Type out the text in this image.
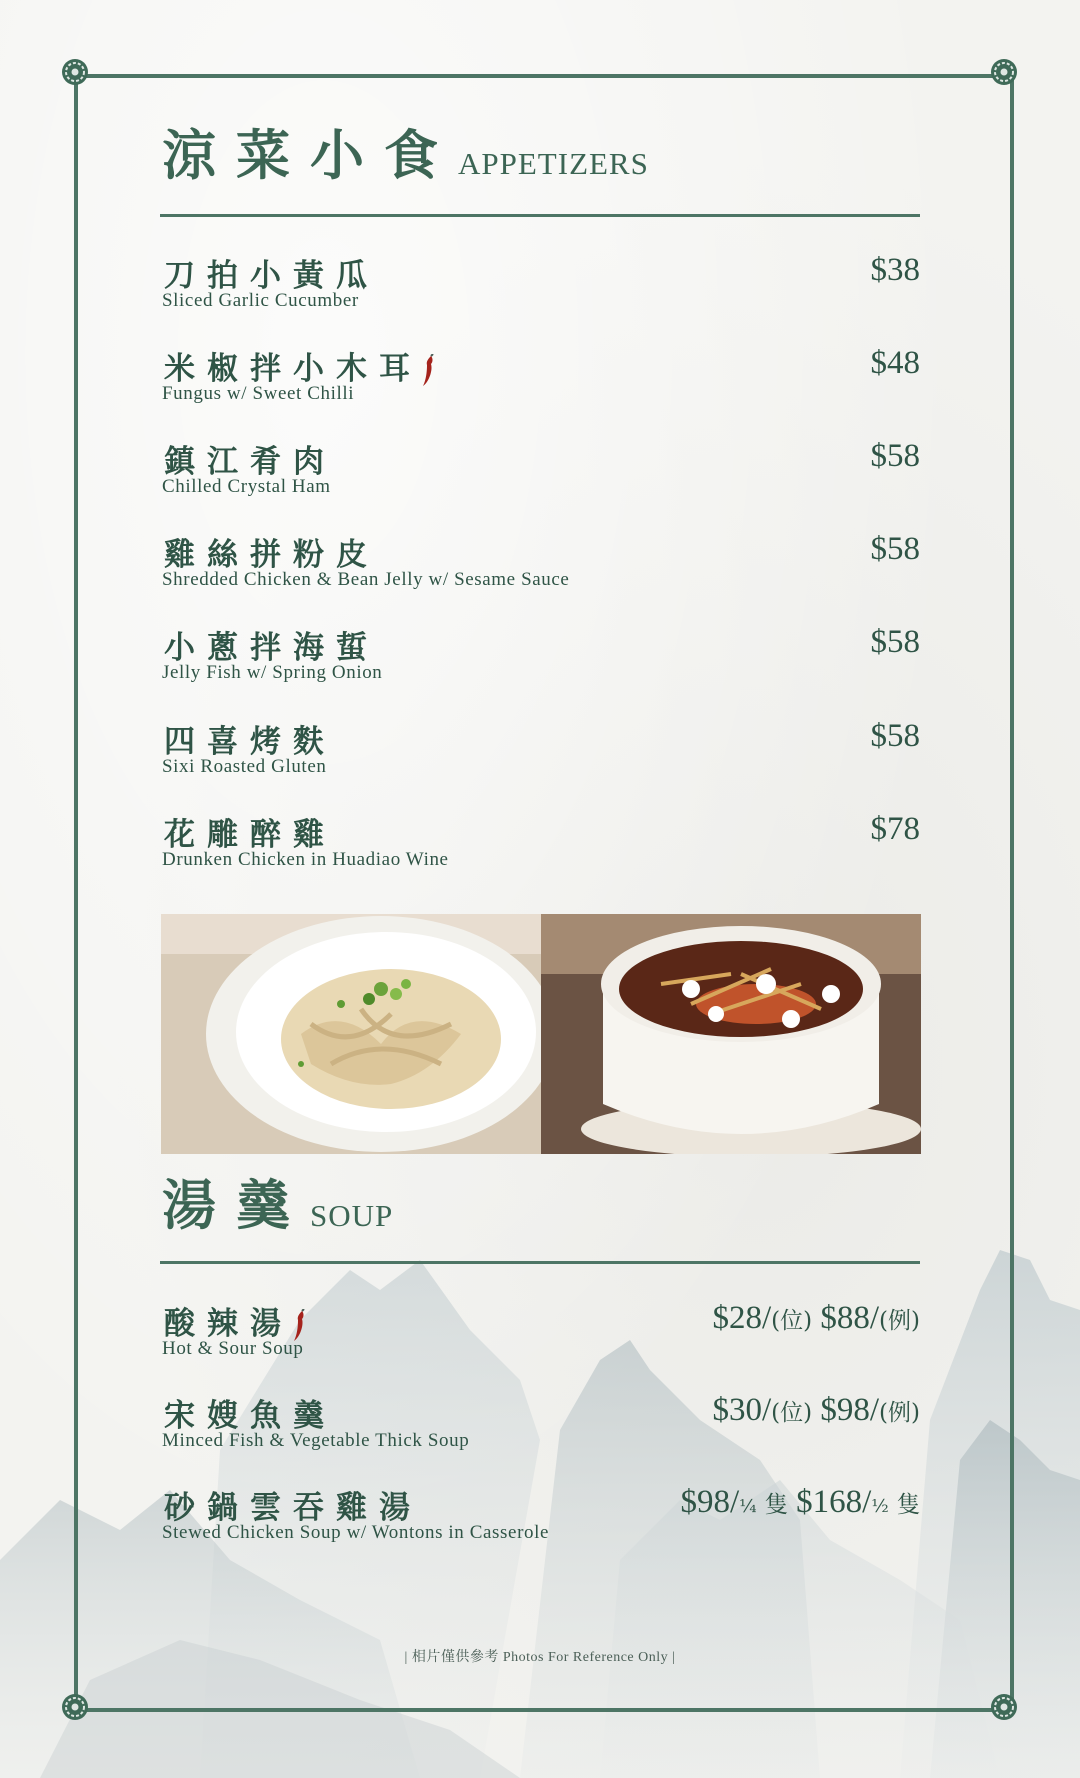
涼菜小食 APPETIZERS
刀拍小黃瓜
Sliced Garlic Cucumber
$38
米椒拌小木耳
Fungus w/ Sweet Chilli
$48
鎮江肴肉
Chilled Crystal Ham
$58
雞絲拼粉皮
Shredded Chicken & Bean Jelly w/ Sesame Sauce
$58
小蔥拌海蜇
Jelly Fish w/ Spring Onion
$58
四喜烤麩
Sixi Roasted Gluten
$58
花雕醉雞
Drunken Chicken in Huadiao Wine
$78
湯羹 SOUP
酸辣湯
Hot & Sour Soup
$28/(位) $88/(例)
宋嫂魚羹
Minced Fish & Vegetable Thick Soup
$30/(位) $98/(例)
砂鍋雲吞雞湯
Stewed Chicken Soup w/ Wontons in Casserole
$98/¼ 隻 $168/½ 隻
| 相片僅供參考 Photos For Reference Only |
